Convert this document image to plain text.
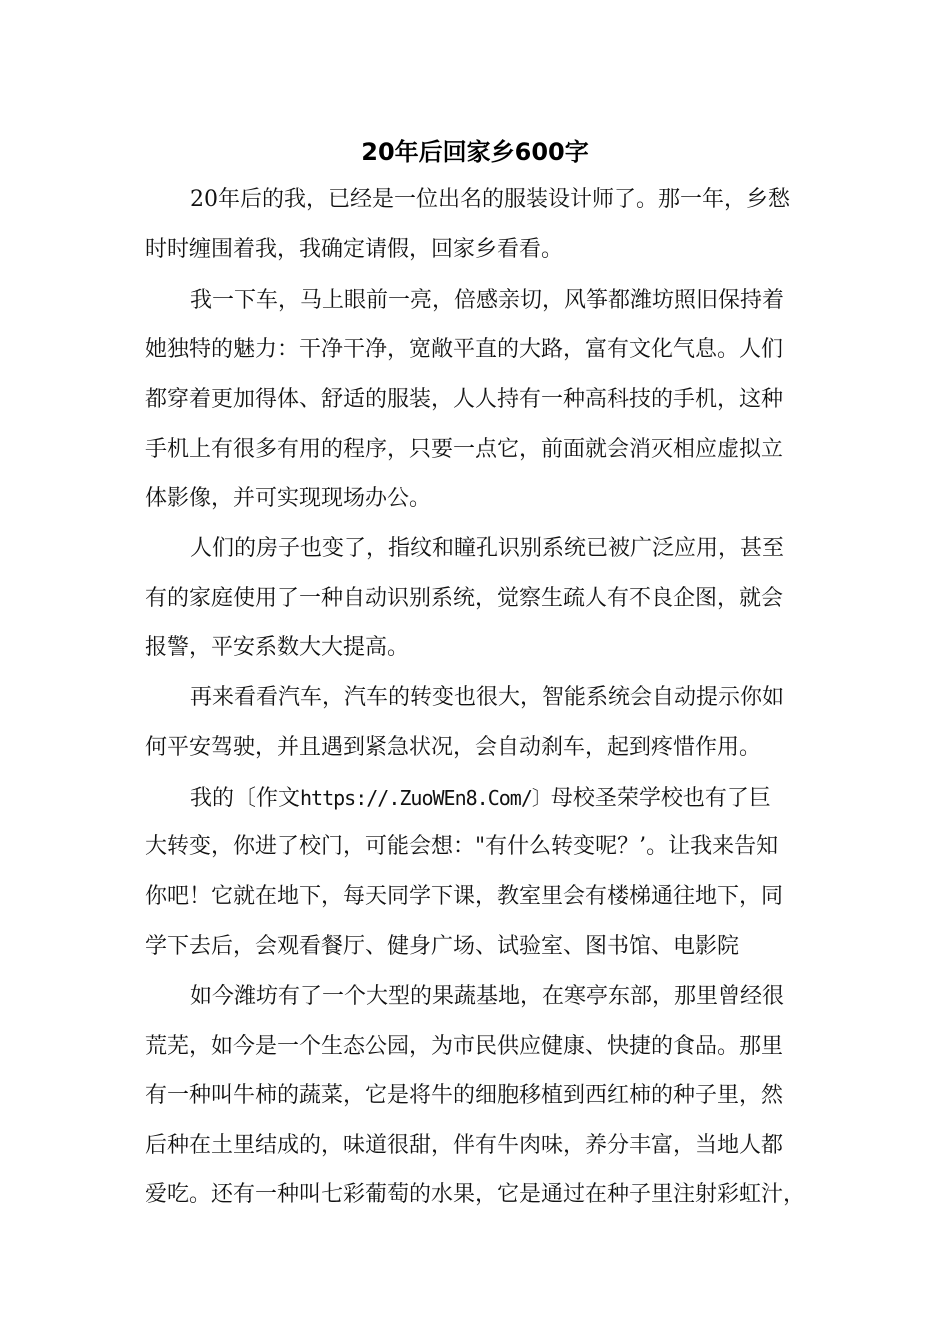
20年后回家乡600字
20年后的我，已经是一位出名的服装设计师了。那一年，乡愁
时时缠围着我，我确定请假，回家乡看看。
我一下车，马上眼前一亮，倍感亲切，风筝都潍坊照旧保持着
她独特的魅力：干净干净，宽敞平直的大路，富有文化气息。人们
都穿着更加得体、舒适的服装，人人持有一种高科技的手机，这种
手机上有很多有用的程序，只要一点它，前面就会消灭相应虚拟立
体影像，并可实现现场办公。
人们的房子也变了，指纹和瞳孔识别系统已被广泛应用，甚至
有的家庭使用了一种自动识别系统，觉察生疏人有不良企图，就会
报警，平安系数大大提高。
再来看看汽车，汽车的转变也很大，智能系统会自动提示你如
何平安驾驶，并且遇到紧急状况，会自动刹车，起到疼惜作用。
我的〔作文https://.ZuoWEn8.Com/〕母校圣荣学校也有了巨
大转变，你进了校门，可能会想："有什么转变呢？’。让我来告知
你吧！它就在地下，每天同学下课，教室里会有楼梯通往地下，同
学下去后，会观看餐厅、健身广场、试验室、图书馆、电影院
如今潍坊有了一个大型的果蔬基地，在寒亭东部，那里曾经很
荒芜，如今是一个生态公园，为市民供应健康、快捷的食品。那里
有一种叫牛柿的蔬菜，它是将牛的细胞移植到西红柿的种子里，然
后种在土里结成的，味道很甜，伴有牛肉味，养分丰富，当地人都
爱吃。还有一种叫七彩葡萄的水果，它是通过在种子里注射彩虹汁，
